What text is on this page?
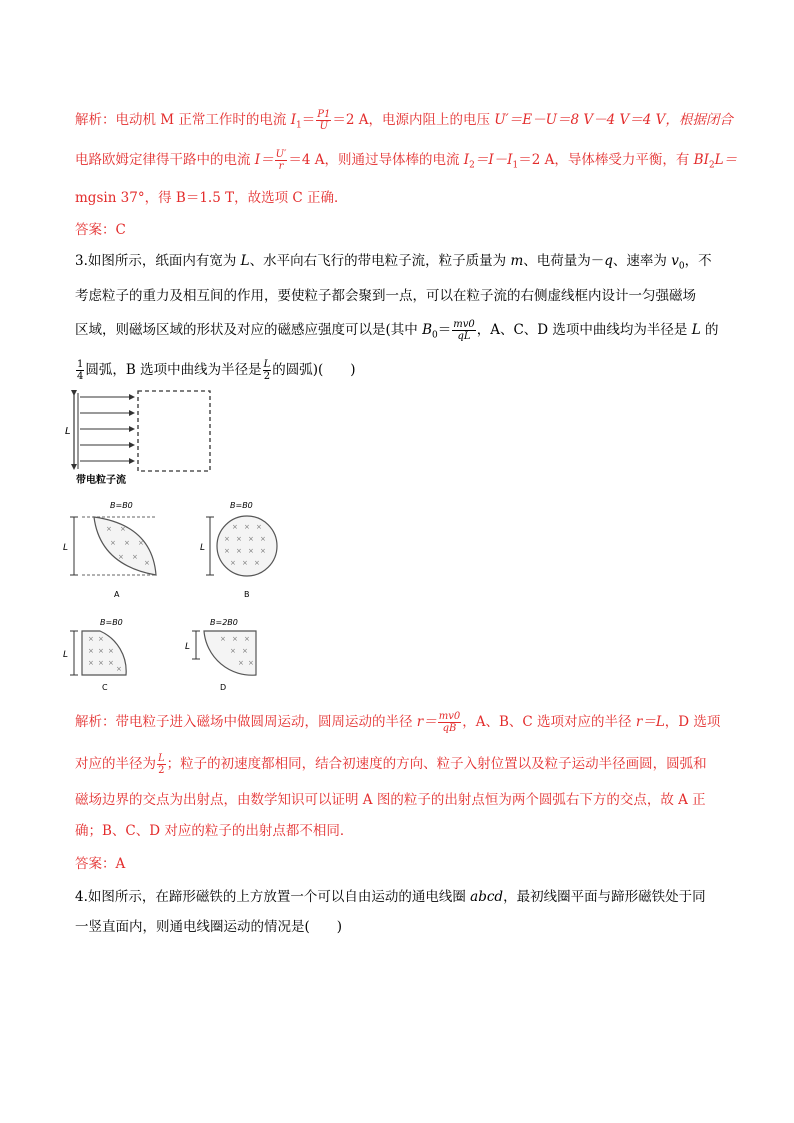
解析：电动机 M 正常工作时的电流 $I_1= \frac{P1}{U} =2$ A，电源内阻上的电压 U′＝E－U＝8 V－4 V＝4 V，根据闭合
电路欧姆定律得干路中的电流 $I= \frac{U'}{r} =4$ A，则通过导体棒的电流 $I_2=I-I_1=2$ A，导体棒受力平衡，有 $BI_2L=$
mgsin 37°，得 B＝1.5 T，故选项 C 正确．
答案：C
3.如图所示，纸面内有宽为 L、水平向右飞行的带电粒子流，粒子质量为 m、电荷量为－q、速率为 $v_0$，不
考虑粒子的重力及相互间的作用，要使粒子都会聚到一点，可以在粒子流的右侧虚线框内设计一匀强磁场
区域，则磁场区域的形状及对应的磁感应强度可以是(其中 $B_0= \frac{mv0}{qL}$ ，A、C、D 选项中曲线均为半径是 L 的
$\frac{1}{4}$ 圆弧，B 选项中曲线为半径是 $\frac{L}{2}$ 的圆弧)(　　)
L
带电粒子流
B=B0
L
× ×
× × ×
× ×
×
A
B=B0
L
× × ×
× × × ×
× × × ×
× × ×
B
B=B0
L
× ×
× × ×
× × ×
×
C
B=2B0
L
× × ×
× ×
× ×
D
解析：带电粒子进入磁场中做圆周运动，圆周运动的半径 $r= \frac{mv0}{qB}$ ，A、B、C 选项对应的半径 r＝L，D 选项
对应的半径为 $\frac{L}{2}$ ；粒子的初速度都相同，结合初速度的方向、粒子入射位置以及粒子运动半径画圆，圆弧和
磁场边界的交点为出射点，由数学知识可以证明 A 图的粒子的出射点恒为两个圆弧右下方的交点，故 A 正
确；B、C、D 对应的粒子的出射点都不相同．
答案：A
4.如图所示，在蹄形磁铁的上方放置一个可以自由运动的通电线圈 abcd，最初线圈平面与蹄形磁铁处于同
一竖直面内，则通电线圈运动的情况是(　　)
